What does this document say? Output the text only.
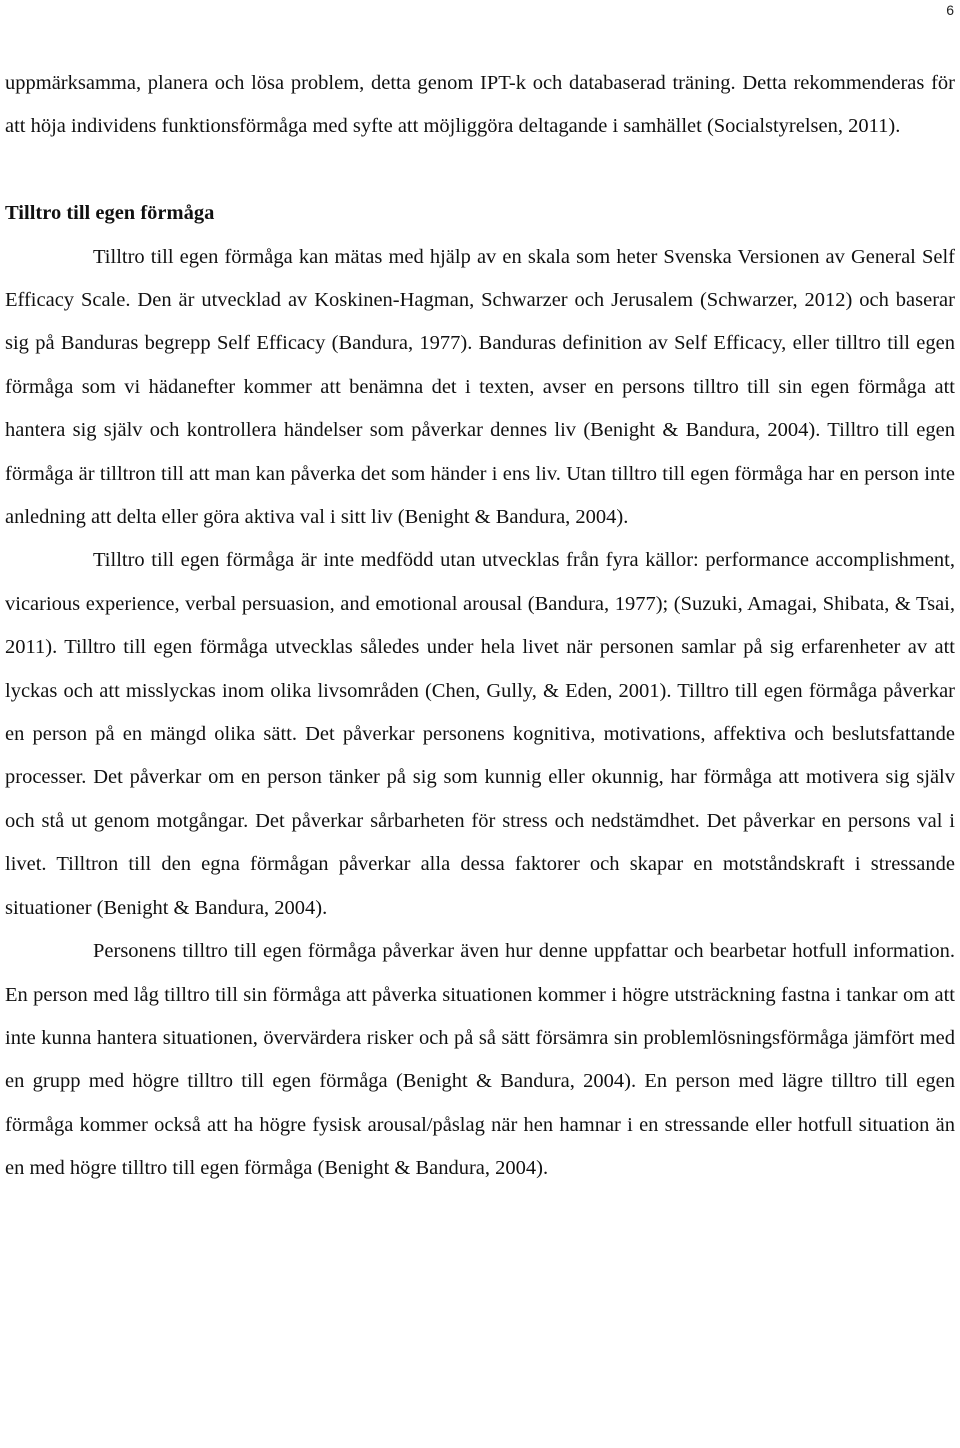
6

uppmärksamma, planera och lösa problem, detta genom IPT-k och databaserad träning. Detta rekommenderas för att höja individens funktionsförmåga med syfte att möjliggöra deltagande i samhället (Socialstyrelsen, 2011).

Tilltro till egen förmåga

Tilltro till egen förmåga kan mätas med hjälp av en skala som heter Svenska Versionen av General Self Efficacy Scale. Den är utvecklad av Koskinen-Hagman, Schwarzer och Jerusalem (Schwarzer, 2012) och baserar sig på Banduras begrepp Self Efficacy (Bandura, 1977). Banduras definition av Self Efficacy, eller tilltro till egen förmåga som vi hädanefter kommer att benämna det i texten, avser en persons tilltro till sin egen förmåga att hantera sig själv och kontrollera händelser som påverkar dennes liv (Benight & Bandura, 2004). Tilltro till egen förmåga är tilltron till att man kan påverka det som händer i ens liv. Utan tilltro till egen förmåga har en person inte anledning att delta eller göra aktiva val i sitt liv (Benight & Bandura, 2004).

Tilltro till egen förmåga är inte medfödd utan utvecklas från fyra källor: performance accomplishment, vicarious experience, verbal persuasion, and emotional arousal (Bandura, 1977); (Suzuki, Amagai, Shibata, & Tsai, 2011). Tilltro till egen förmåga utvecklas således under hela livet när personen samlar på sig erfarenheter av att lyckas och att misslyckas inom olika livsområden (Chen, Gully, & Eden, 2001). Tilltro till egen förmåga påverkar en person på en mängd olika sätt. Det påverkar personens kognitiva, motivations, affektiva och beslutsfattande processer. Det påverkar om en person tänker på sig som kunnig eller okunnig, har förmåga att motivera sig själv och stå ut genom motgångar. Det påverkar sårbarheten för stress och nedstämdhet. Det påverkar en persons val i livet. Tilltron till den egna förmågan påverkar alla dessa faktorer och skapar en motståndskraft i stressande situationer (Benight & Bandura, 2004).

Personens tilltro till egen förmåga påverkar även hur denne uppfattar och bearbetar hotfull information. En person med låg tilltro till sin förmåga att påverka situationen kommer i högre utsträckning fastna i tankar om att inte kunna hantera situationen, övervärdera risker och på så sätt försämra sin problemlösningsförmåga jämfört med en grupp med högre tilltro till egen förmåga (Benight & Bandura, 2004). En person med lägre tilltro till egen förmåga kommer också att ha högre fysisk arousal/påslag när hen hamnar i en stressande eller hotfull situation än en med högre tilltro till egen förmåga (Benight & Bandura, 2004).
